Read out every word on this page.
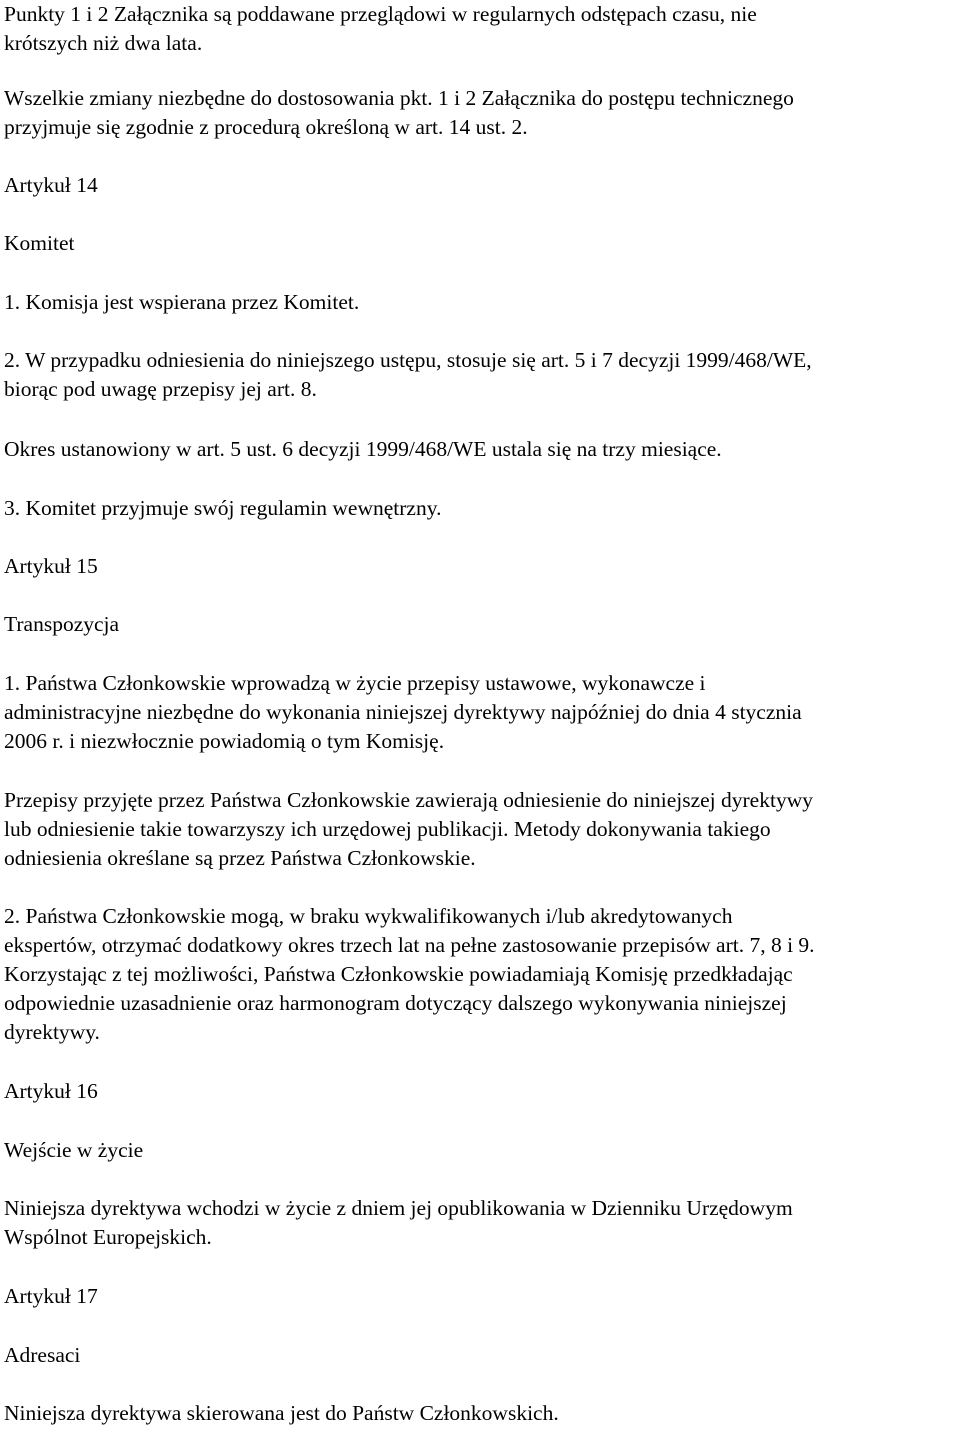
Punkty 1 i 2 Załącznika są poddawane przeglądowi w regularnych odstępach czasu, nie
krótszych niż dwa lata.

Wszelkie zmiany niezbędne do dostosowania pkt. 1 i 2 Załącznika do postępu technicznego
przyjmuje się zgodnie z procedurą określoną w art. 14 ust. 2.

Artykuł 14

Komitet

1. Komisja jest wspierana przez Komitet.

2. W przypadku odniesienia do niniejszego ustępu, stosuje się art. 5 i 7 decyzji 1999/468/WE,
biorąc pod uwagę przepisy jej art. 8.

Okres ustanowiony w art. 5 ust. 6 decyzji 1999/468/WE ustala się na trzy miesiące.

3. Komitet przyjmuje swój regulamin wewnętrzny.

Artykuł 15

Transpozycja

1. Państwa Członkowskie wprowadzą w życie przepisy ustawowe, wykonawcze i
administracyjne niezbędne do wykonania niniejszej dyrektywy najpóźniej do dnia 4 stycznia
2006 r. i niezwłocznie powiadomią o tym Komisję.

Przepisy przyjęte przez Państwa Członkowskie zawierają odniesienie do niniejszej dyrektywy
lub odniesienie takie towarzyszy ich urzędowej publikacji. Metody dokonywania takiego
odniesienia określane są przez Państwa Członkowskie.

2. Państwa Członkowskie mogą, w braku wykwalifikowanych i/lub akredytowanych
ekspertów, otrzymać dodatkowy okres trzech lat na pełne zastosowanie przepisów art. 7, 8 i 9.
Korzystając z tej możliwości, Państwa Członkowskie powiadamiają Komisję przedkładając
odpowiednie uzasadnienie oraz harmonogram dotyczący dalszego wykonywania niniejszej
dyrektywy.

Artykuł 16

Wejście w życie

Niniejsza dyrektywa wchodzi w życie z dniem jej opublikowania w Dzienniku Urzędowym
Wspólnot Europejskich.

Artykuł 17

Adresaci

Niniejsza dyrektywa skierowana jest do Państw Członkowskich.
